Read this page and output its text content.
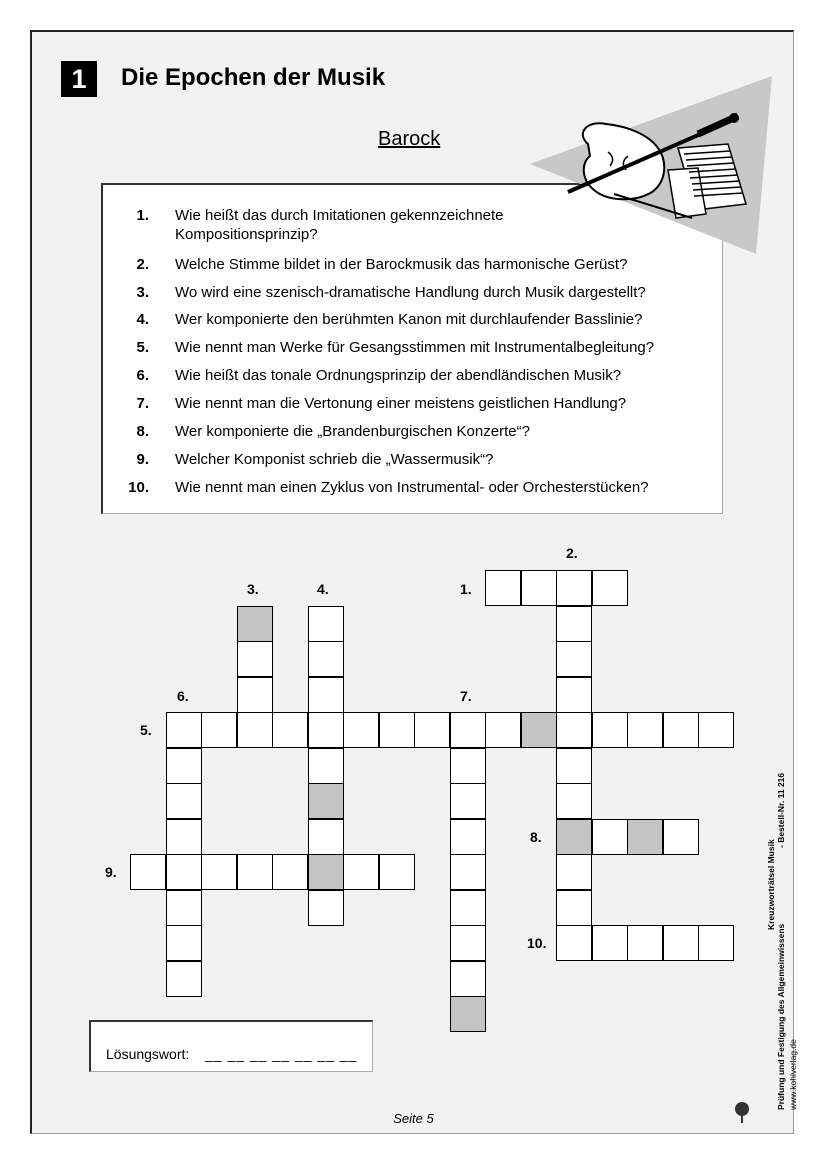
1	Die Epochen der Musik
Barock
1. Wie heißt das durch Imitationen gekennzeichnete Kompositionsprinzip?
2. Welche Stimme bildet in der Barockmusik das harmonische Gerüst?
3. Wo wird eine szenisch-dramatische Handlung durch Musik dargestellt?
4. Wer komponierte den berühmten Kanon mit durchlaufender Basslinie?
5. Wie nennt man Werke für Gesangsstimmen mit Instrumentalbegleitung?
6. Wie heißt das tonale Ordnungsprinzip der abendländischen Musik?
7. Wie nennt man die Vertonung einer meistens geistlichen Handlung?
8. Wer komponierte die „Brandenburgischen Konzerte“?
9. Welcher Komponist schrieb die „Wassermusik“?
10. Wie nennt man einen Zyklus von Instrumental- oder Orchesterstücken?
1.
2.
3.	4.
5.
6.	7.
8.
9.
10.
Lösungswort: __ __ __ __ __ __ __
Seite 5
Kreuzworträtsel Musik
Prüfung und Festigung des Allgemeinwissens
- Bestell-Nr. 11 216
www.kohlverlag.de
